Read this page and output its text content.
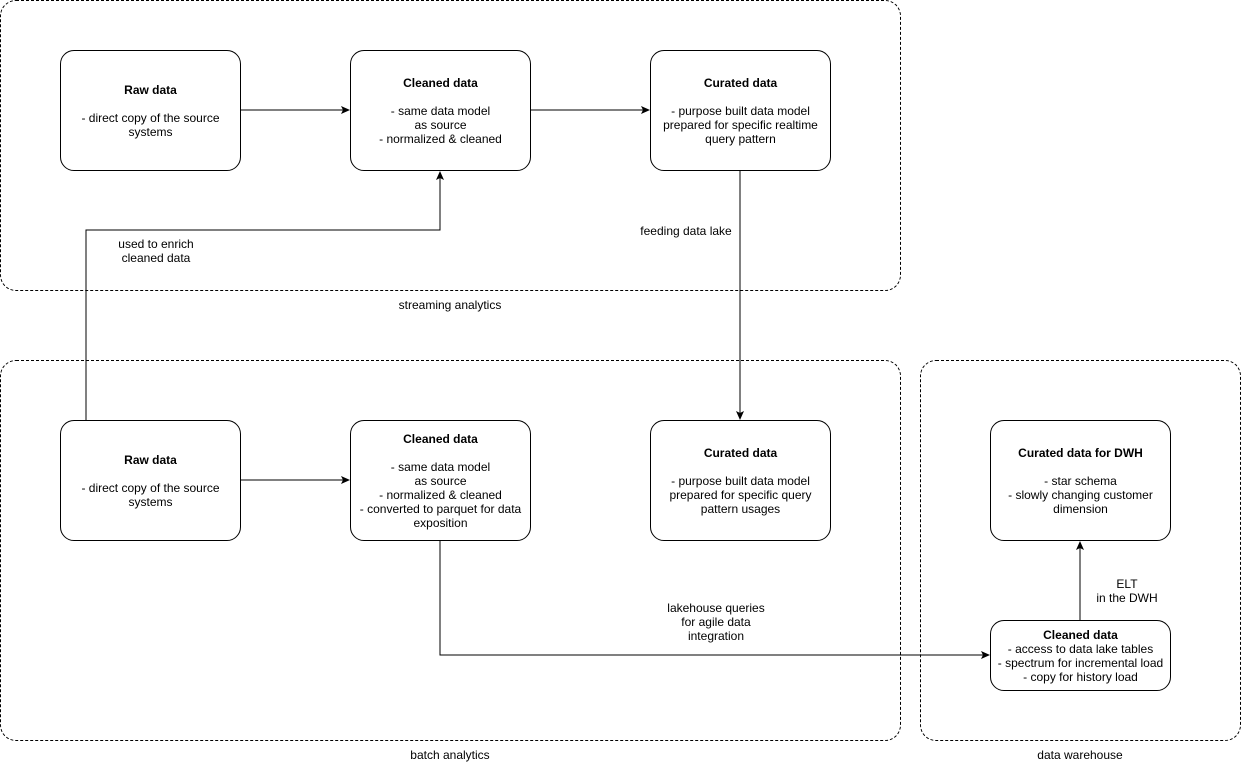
streaming analytics
batch analytics	data warehouse
Raw data
- direct copy of the source
systems
Cleaned data
- same data model
as source
- normalized & cleaned
Curated data
- purpose built data model
prepared for specific realtime
query pattern
Raw data
- direct copy of the source
systems
Cleaned data
- same data model
as source
- normalized & cleaned
- converted to parquet for data
exposition
Curated data
- purpose built data model
prepared for specific query
pattern usages
Curated data for DWH
- star schema
- slowly changing customer
dimension
Cleaned data
- access to data lake tables
- spectrum for incremental load
- copy for history load
used to enrich
cleaned data
feeding data lake
lakehouse queries
for agile data
integration
ELT
in the DWH
